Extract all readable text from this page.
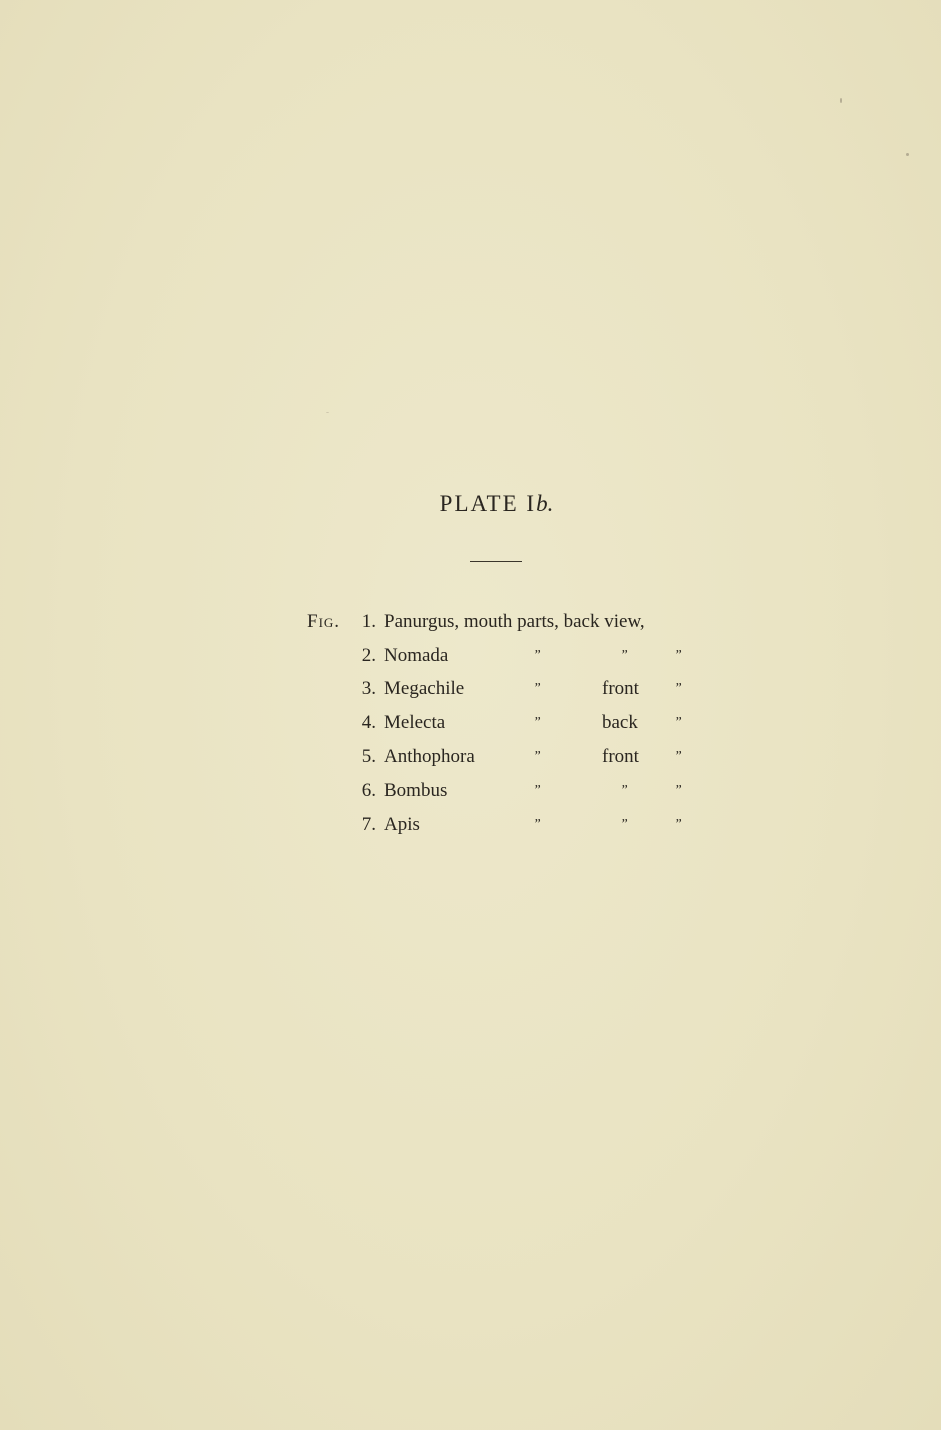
PLATE Ib.
Fig.	1. Panurgus, mouth parts, back view,
2. Nomada	”	”	”
3. Megachile	”	front	”
4. Melecta	”	back	”
5. Anthophora	”	front	”
6. Bombus	”	”	”
7. Apis	”	”	”
